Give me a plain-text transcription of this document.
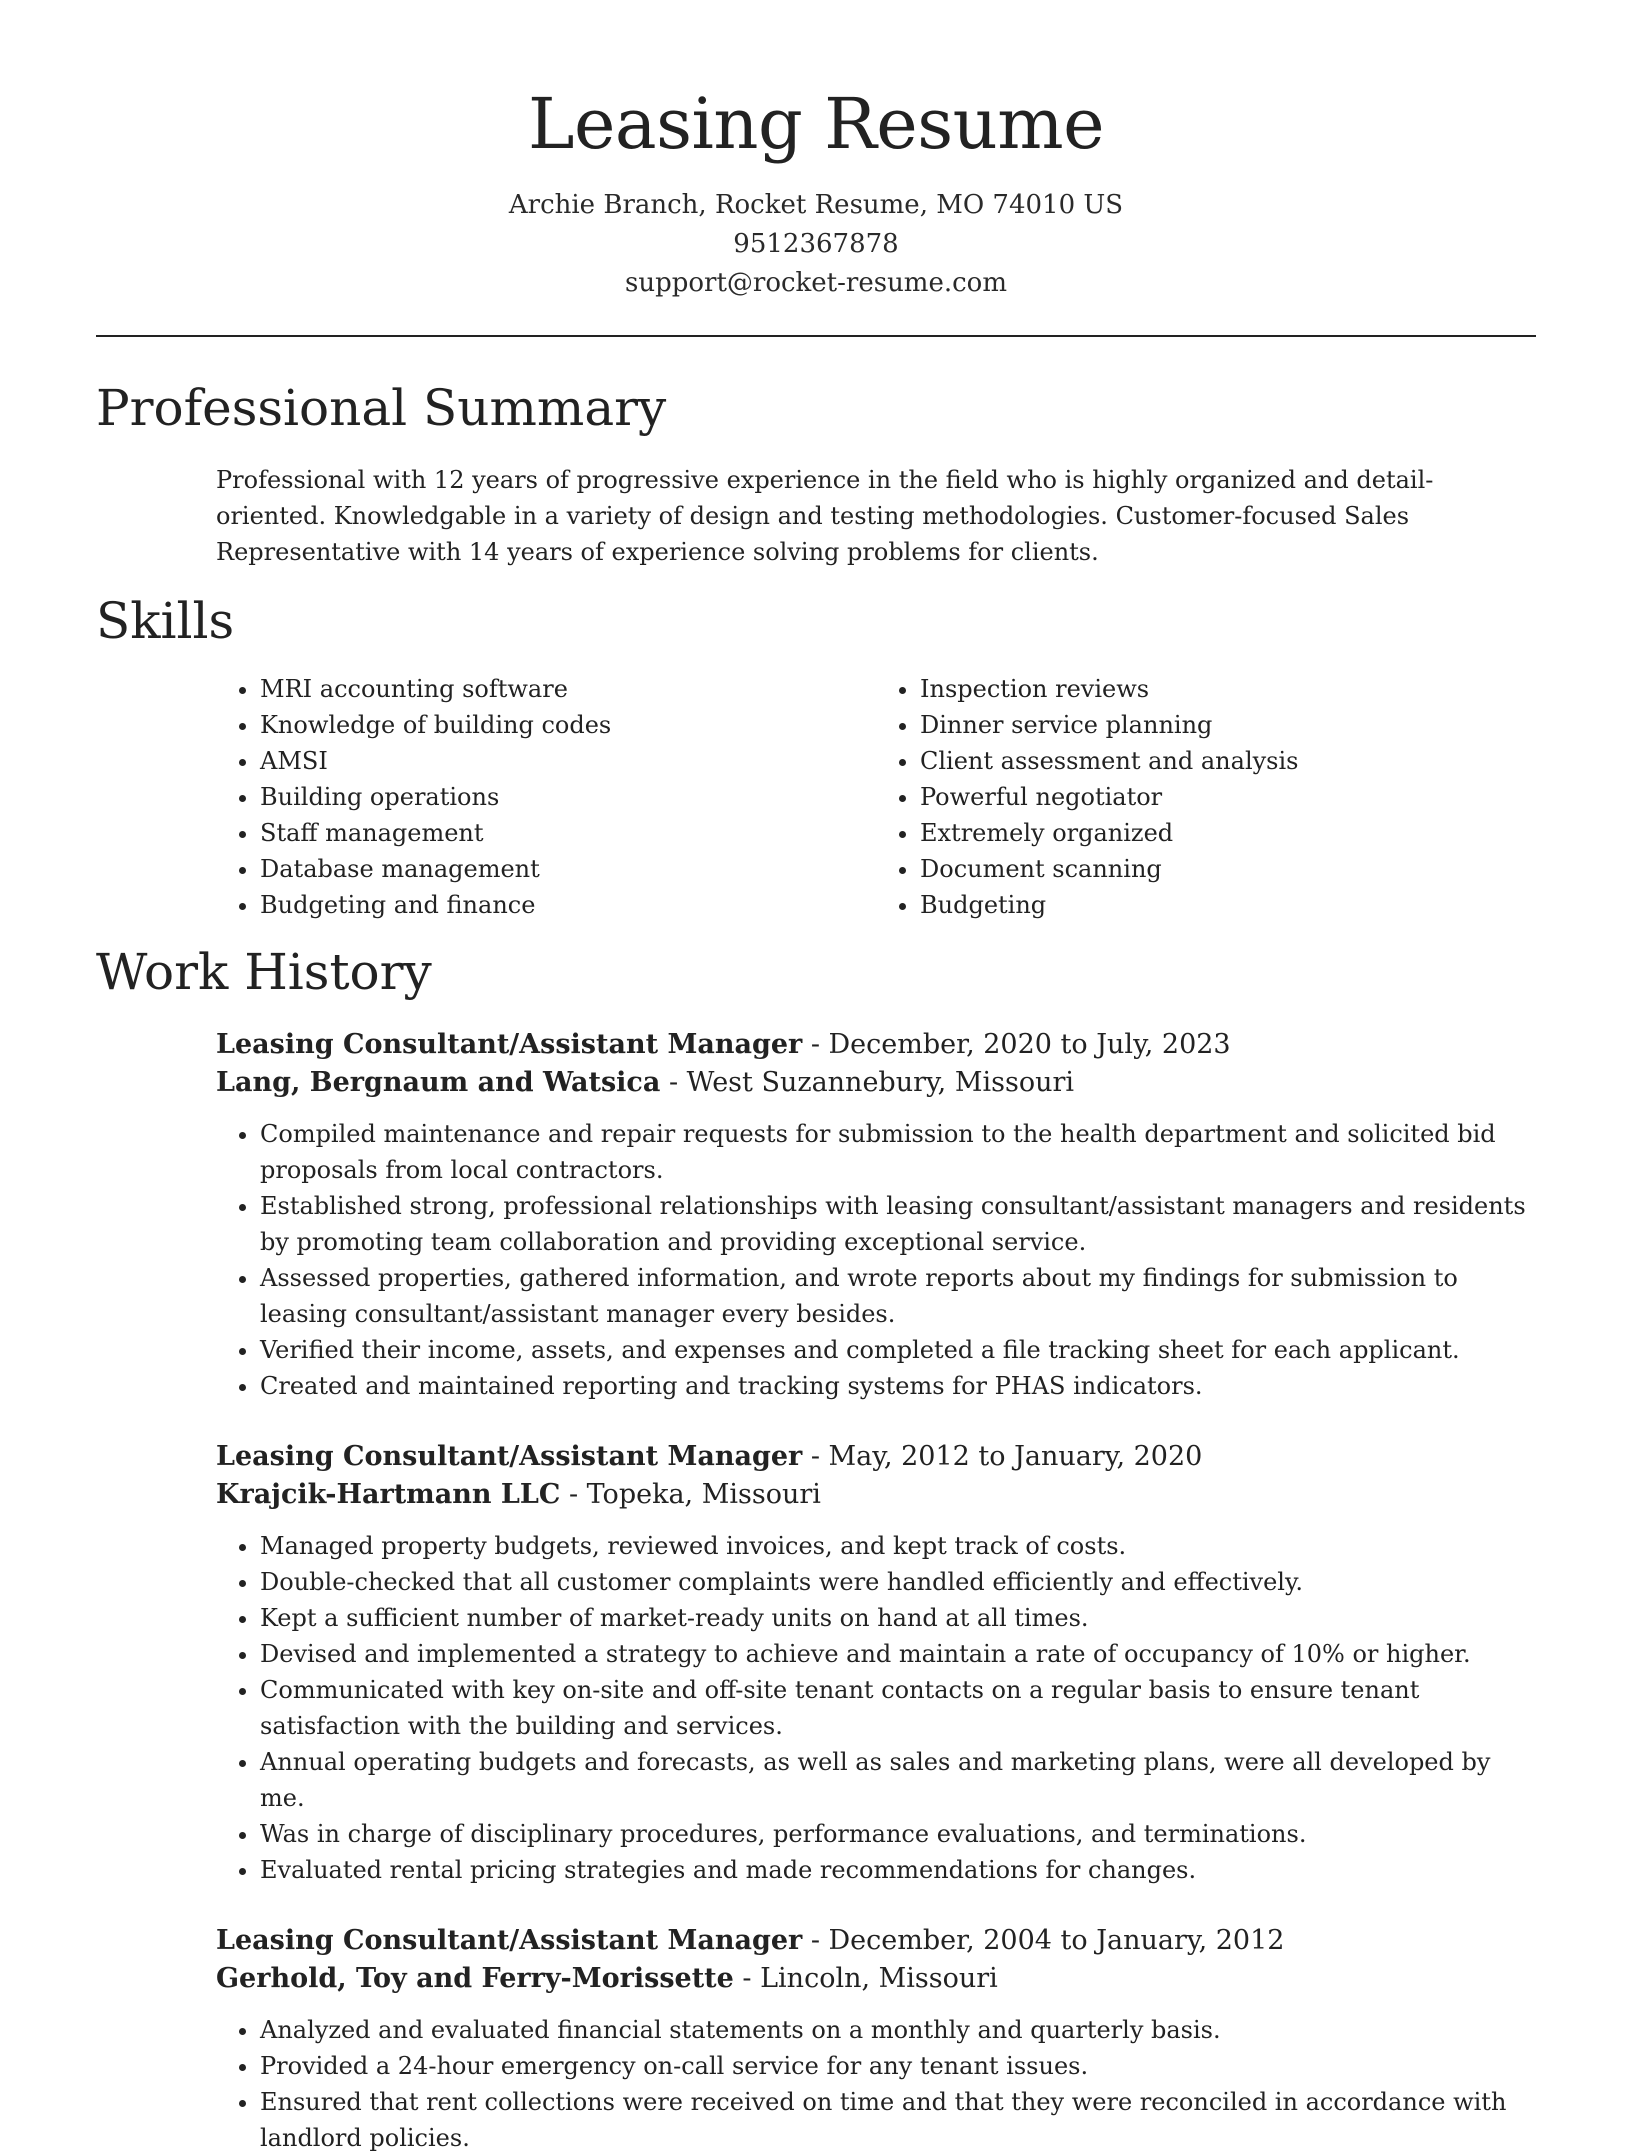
Leasing Resume
Archie Branch, Rocket Resume, MO 74010 US
9512367878
support@rocket-resume.com
Professional Summary

Professional with 12 years of progressive experience in the field who is highly organized and detail-oriented. Knowledgable in a variety of design and testing methodologies. Customer-focused Sales Representative with 14 years of experience solving problems for clients.

Skills
• MRI accounting software
• Knowledge of building codes
• AMSI
• Building operations
• Staff management
• Database management
• Budgeting and finance
• Inspection reviews
• Dinner service planning
• Client assessment and analysis
• Powerful negotiator
• Extremely organized
• Document scanning
• Budgeting
Work History
Leasing Consultant/Assistant Manager - December, 2020 to July, 2023
Lang, Bergnaum and Watsica - West Suzannebury, Missouri
• Compiled maintenance and repair requests for submission to the health department and solicited bid proposals from local contractors.
• Established strong, professional relationships with leasing consultant/assistant managers and residents by promoting team collaboration and providing exceptional service.
• Assessed properties, gathered information, and wrote reports about my findings for submission to leasing consultant/assistant manager every besides.
• Verified their income, assets, and expenses and completed a file tracking sheet for each applicant.
• Created and maintained reporting and tracking systems for PHAS indicators.
Leasing Consultant/Assistant Manager - May, 2012 to January, 2020
Krajcik-Hartmann LLC - Topeka, Missouri
• Managed property budgets, reviewed invoices, and kept track of costs.
• Double-checked that all customer complaints were handled efficiently and effectively.
• Kept a sufficient number of market-ready units on hand at all times.
• Devised and implemented a strategy to achieve and maintain a rate of occupancy of 10% or higher.
• Communicated with key on-site and off-site tenant contacts on a regular basis to ensure tenant satisfaction with the building and services.
• Annual operating budgets and forecasts, as well as sales and marketing plans, were all developed by me.
• Was in charge of disciplinary procedures, performance evaluations, and terminations.
• Evaluated rental pricing strategies and made recommendations for changes.
Leasing Consultant/Assistant Manager - December, 2004 to January, 2012
Gerhold, Toy and Ferry-Morissette - Lincoln, Missouri
• Analyzed and evaluated financial statements on a monthly and quarterly basis.
• Provided a 24-hour emergency on-call service for any tenant issues.
• Ensured that rent collections were received on time and that they were reconciled in accordance with landlord policies.
